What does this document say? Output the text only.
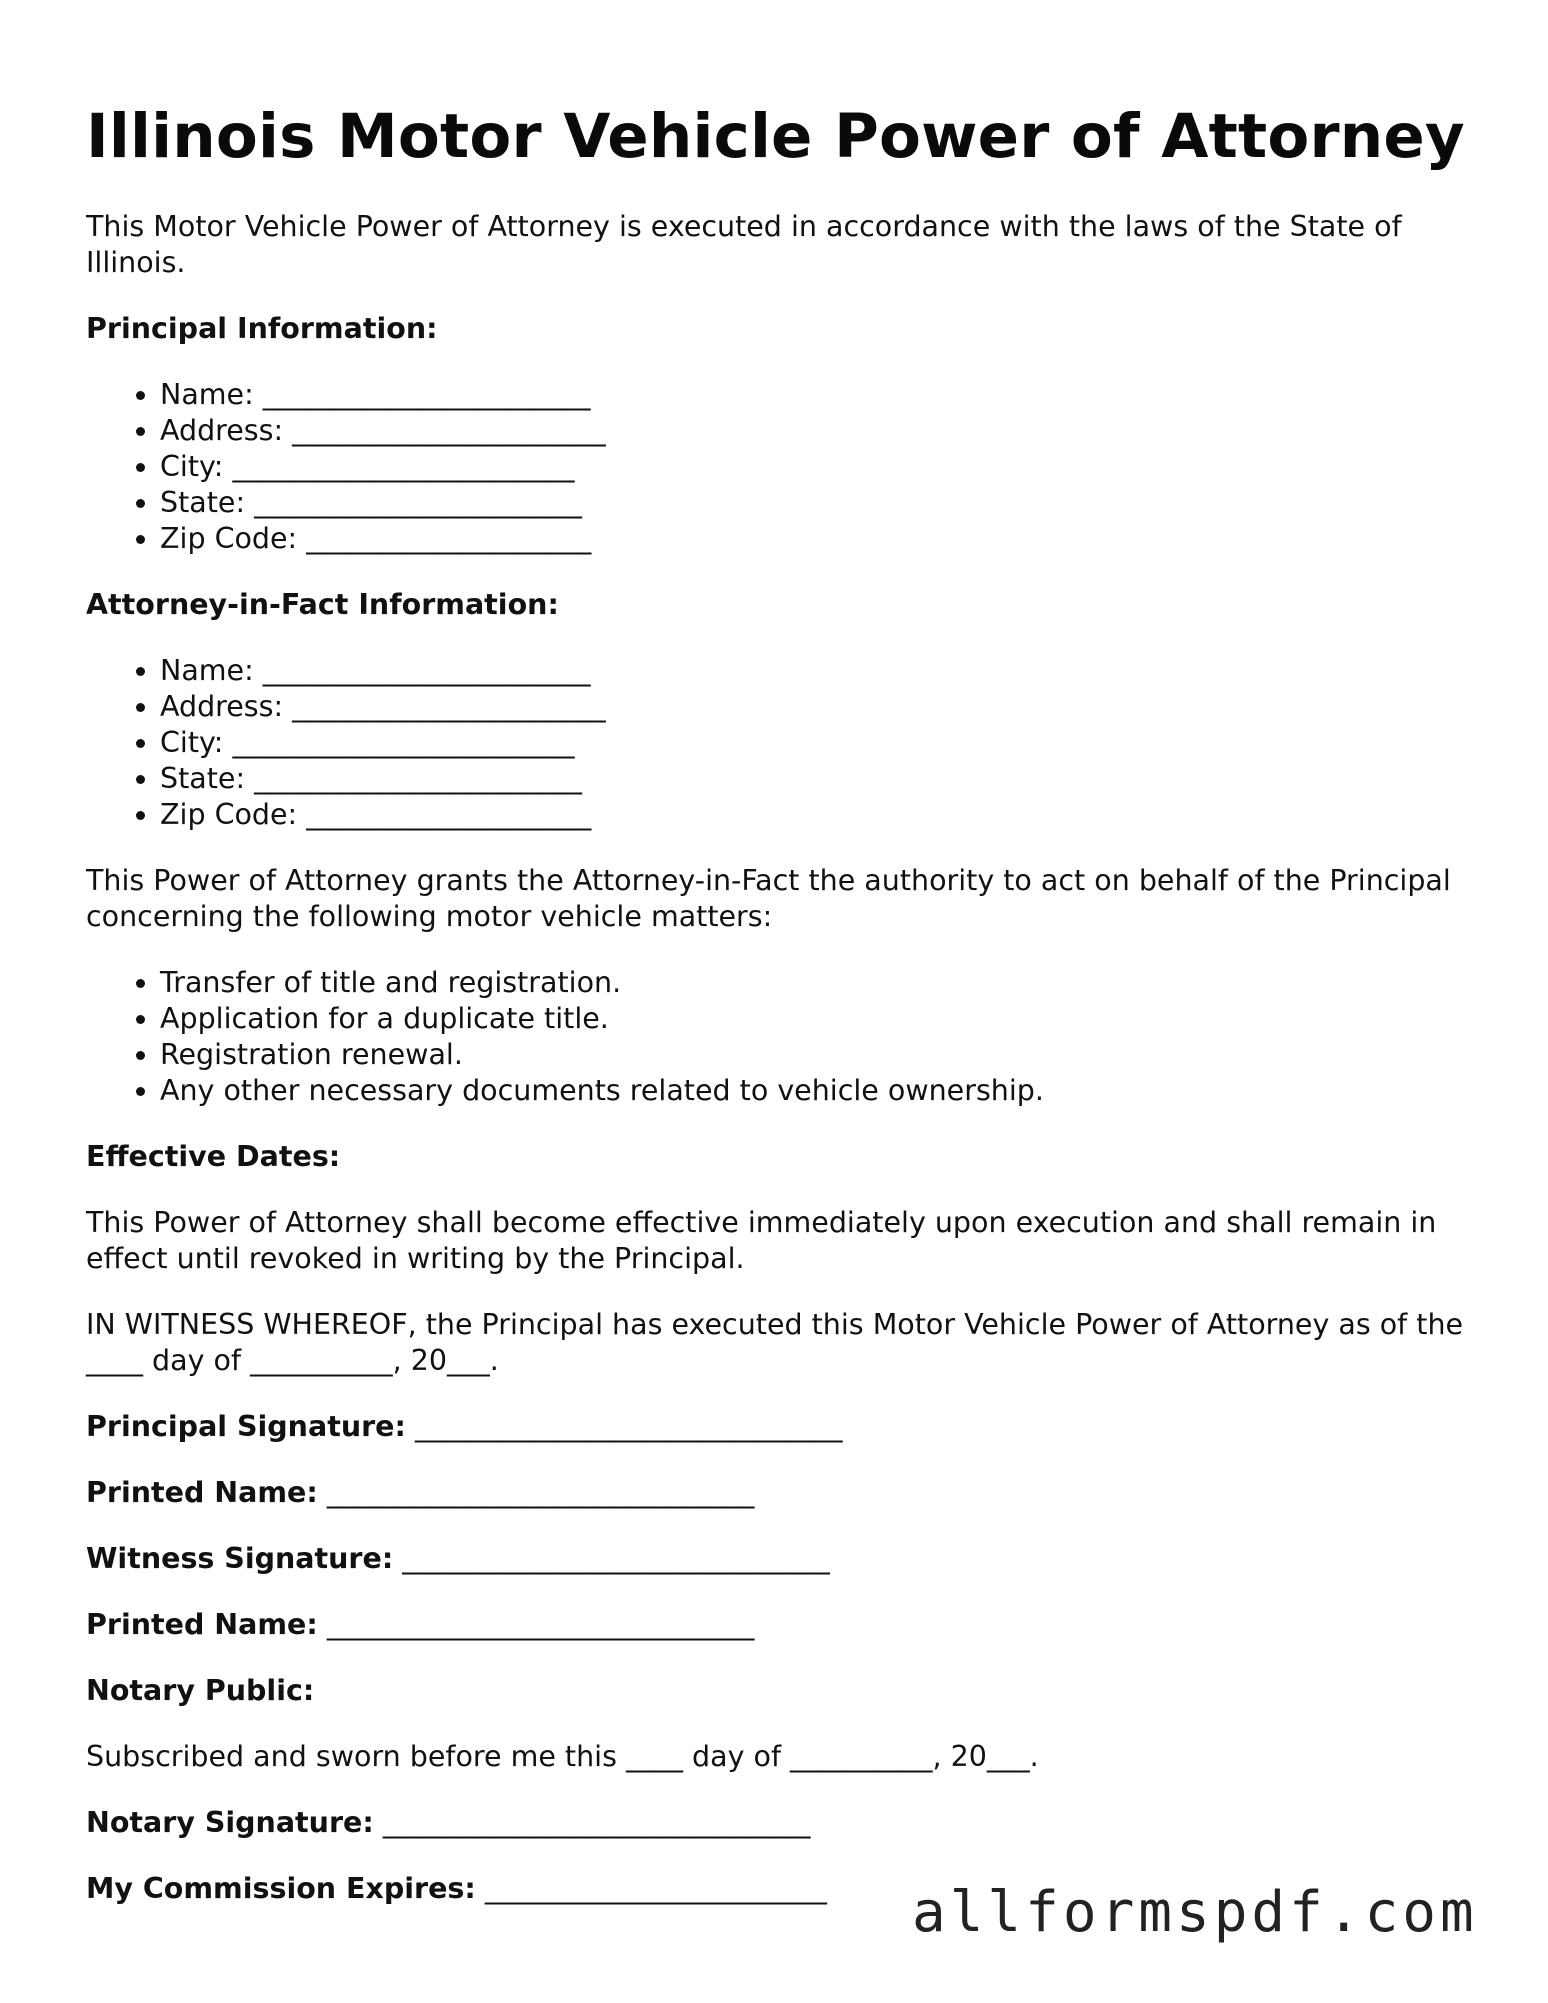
Illinois Motor Vehicle Power of Attorney

This Motor Vehicle Power of Attorney is executed in accordance with the laws of the State of Illinois.

Principal Information:
• Name: _______________________
• Address: ______________________
• City: ________________________
• State: _______________________
• Zip Code: ____________________
Attorney-in-Fact Information:
• Name: _______________________
• Address: ______________________
• City: ________________________
• State: _______________________
• Zip Code: ____________________

This Power of Attorney grants the Attorney-in-Fact the authority to act on behalf of the Principal concerning the following motor vehicle matters:

• Transfer of title and registration.
• Application for a duplicate title.
• Registration renewal.
• Any other necessary documents related to vehicle ownership.
Effective Dates:

This Power of Attorney shall become effective immediately upon execution and shall remain in effect until revoked in writing by the Principal.

IN WITNESS WHEREOF, the Principal has executed this Motor Vehicle Power of Attorney as of the ____ day of __________, 20___.

Principal Signature: ______________________________
Printed Name: ______________________________
Witness Signature: ______________________________
Printed Name: ______________________________
Notary Public:

Subscribed and sworn before me this ____ day of __________, 20___.

Notary Signature: ______________________________
My Commission Expires: ________________________	allformspdf.com
